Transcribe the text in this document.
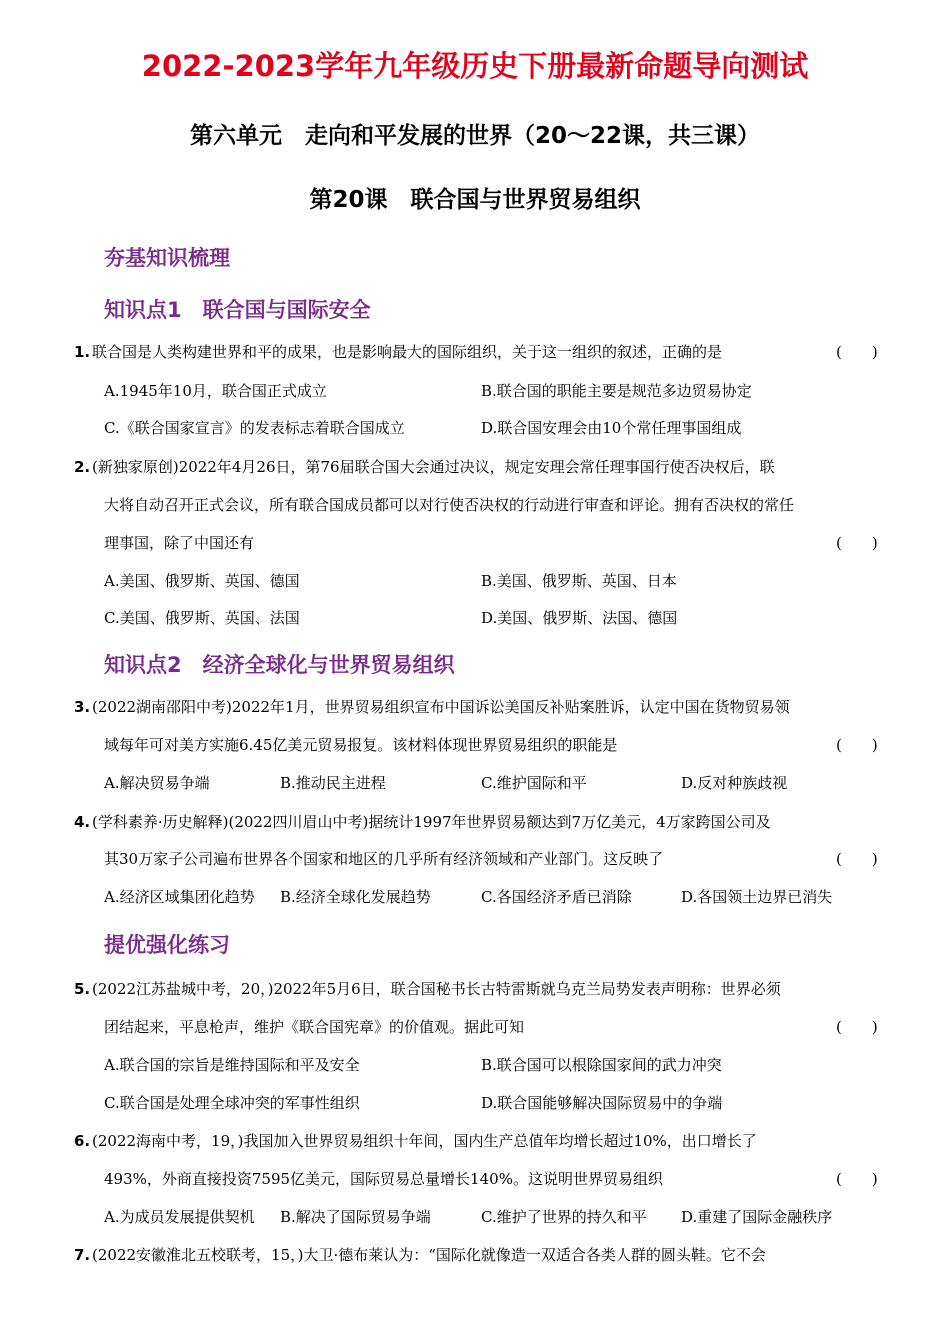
2022-2023学年九年级历史下册最新命题导向测试
第六单元　走向和平发展的世界（20～22课，共三课）
第20课　联合国与世界贸易组织
夯基知识梳理
知识点1　联合国与国际安全
1. 联合国是人类构建世界和平的成果，也是影响最大的国际组织，关于这一组织的叙述，正确的是	(　　)
A.1945年10月，联合国正式成立	B.联合国的职能主要是规范多边贸易协定
C.《联合国家宣言》的发表标志着联合国成立	D.联合国安理会由10个常任理事国组成
2. (新独家原创)2022年4月26日，第76届联合国大会通过决议，规定安理会常任理事国行使否决权后，联
大将自动召开正式会议，所有联合国成员都可以对行使否决权的行动进行审查和评论。拥有否决权的常任
理事国，除了中国还有	(　　)
A.美国、俄罗斯、英国、德国	B.美国、俄罗斯、英国、日本
C.美国、俄罗斯、英国、法国	D.美国、俄罗斯、法国、德国
知识点2　经济全球化与世界贸易组织
3. (2022湖南邵阳中考)2022年1月，世界贸易组织宣布中国诉讼美国反补贴案胜诉，认定中国在货物贸易领
域每年可对美方实施6.45亿美元贸易报复。该材料体现世界贸易组织的职能是	(　　)
A.解决贸易争端	B.推动民主进程	C.维护国际和平	D.反对种族歧视
4. (学科素养·历史解释)(2022四川眉山中考)据统计1997年世界贸易额达到7万亿美元，4万家跨国公司及
其30万家子公司遍布世界各个国家和地区的几乎所有经济领域和产业部门。这反映了	(　　)
A.经济区域集团化趋势 B.经济全球化发展趋势	C.各国经济矛盾已消除	D.各国领土边界已消失
提优强化练习
5. (2022江苏盐城中考，20，)2022年5月6日，联合国秘书长古特雷斯就乌克兰局势发表声明称：世界必须
团结起来，平息枪声，维护《联合国宪章》的价值观。据此可知	(　　)
A.联合国的宗旨是维持国际和平及安全	B.联合国可以根除国家间的武力冲突
C.联合国是处理全球冲突的军事性组织	D.联合国能够解决国际贸易中的争端
6. (2022海南中考，19，)我国加入世界贸易组织十年间，国内生产总值年均增长超过10%，出口增长了
493%，外商直接投资7595亿美元，国际贸易总量增长140%。这说明世界贸易组织	(　　)
A.为成员发展提供契机 B.解决了国际贸易争端	C.维护了世界的持久和平 D.重建了国际金融秩序
7. (2022安徽淮北五校联考，15，)大卫·德布莱认为：“国际化就像造一双适合各类人群的圆头鞋。它不会
